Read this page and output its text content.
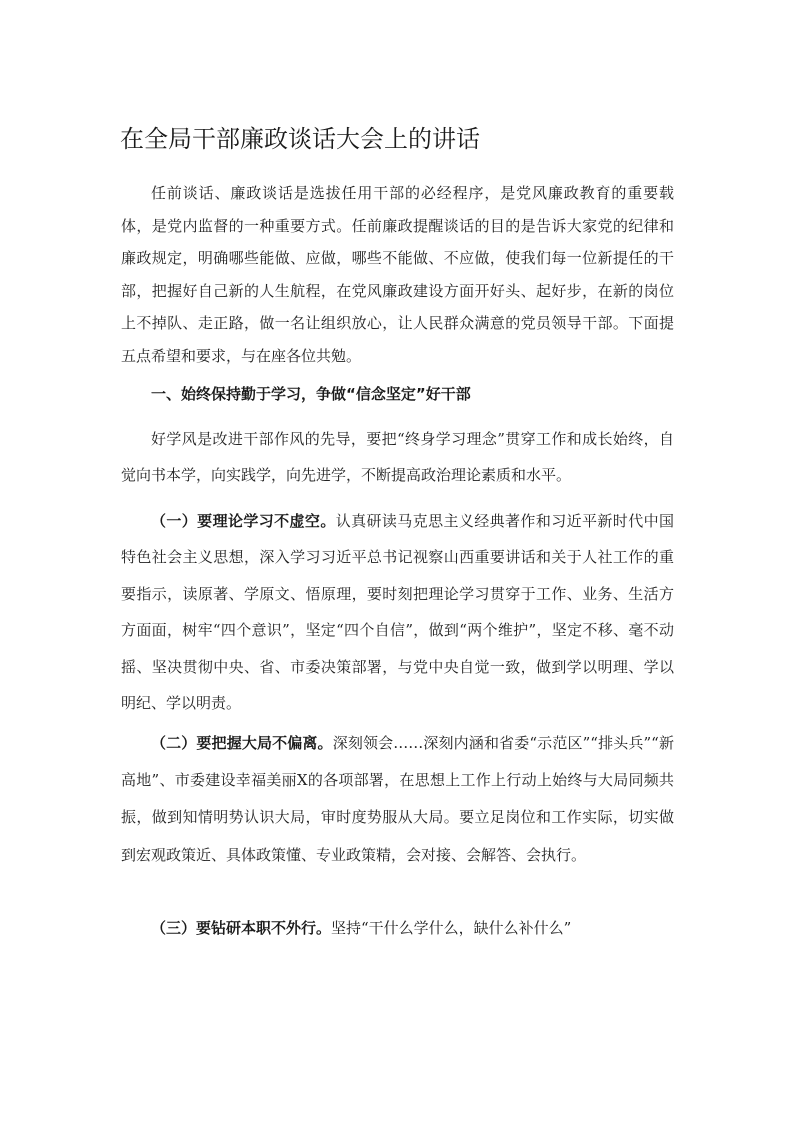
在全局干部廉政谈话大会上的讲话

任前谈话、廉政谈话是选拔任用干部的必经程序，是党风廉政教育的重要载体，是党内监督的一种重要方式。任前廉政提醒谈话的目的是告诉大家党的纪律和廉政规定，明确哪些能做、应做，哪些不能做、不应做，使我们每一位新提任的干部，把握好自己新的人生航程，在党风廉政建设方面开好头、起好步，在新的岗位上不掉队、走正路，做一名让组织放心，让人民群众满意的党员领导干部。下面提五点希望和要求，与在座各位共勉。

一、始终保持勤于学习，争做“信念坚定”好干部

好学风是改进干部作风的先导，要把“终身学习理念”贯穿工作和成长始终，自觉向书本学，向实践学，向先进学，不断提高政治理论素质和水平。

（一）要理论学习不虚空。认真研读马克思主义经典著作和习近平新时代中国特色社会主义思想，深入学习习近平总书记视察山西重要讲话和关于人社工作的重要指示，读原著、学原文、悟原理，要时刻把理论学习贯穿于工作、业务、生活方方面面，树牢“四个意识”，坚定“四个自信”，做到“两个维护”，坚定不移、毫不动摇、坚决贯彻中央、省、市委决策部署，与党中央自觉一致，做到学以明理、学以明纪、学以明责。

（二）要把握大局不偏离。深刻领会……深刻内涵和省委“示范区”“排头兵”“新高地”、市委建设幸福美丽X的各项部署，在思想上工作上行动上始终与大局同频共振，做到知情明势认识大局，审时度势服从大局。要立足岗位和工作实际，切实做到宏观政策近、具体政策懂、专业政策精，会对接、会解答、会执行。

（三）要钻研本职不外行。坚持“干什么学什么，缺什么补什么”
